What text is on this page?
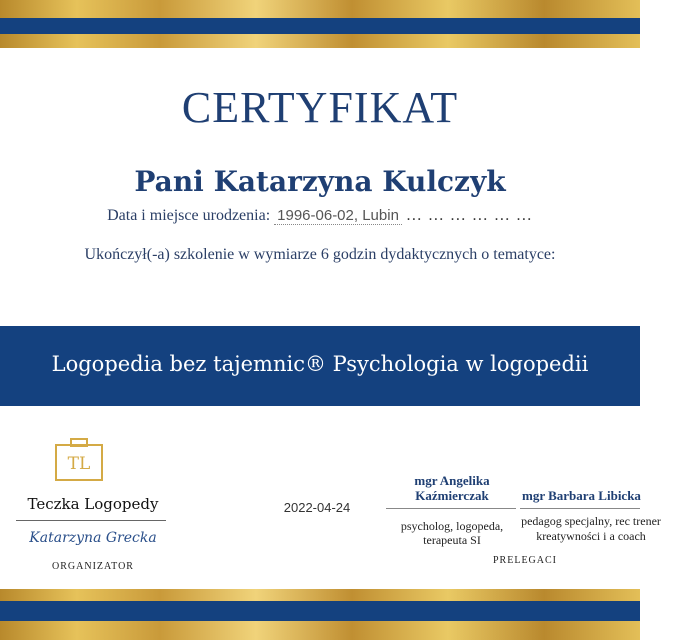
CERTYFIKAT
Pani Katarzyna Kulczyk
Data i miejsce urodzenia: 1996-06-02, Lubin … … … … … …
Ukończył(-a) szkolenie w wymiarze 6 godzin dydaktycznych o tematyce:
Logopedia bez tajemnic® Psychologia w logopedii
TL
Teczka Logopedy
Katarzyna Grecka
ORGANIZATOR
2022-04-24
mgr Angelika Kaźmierczak
psycholog, logopeda, terapeuta SI
mgr Barbara Libicka
pedagog specjalny, rec trener kreatywności i a coach
PRELEGACI
